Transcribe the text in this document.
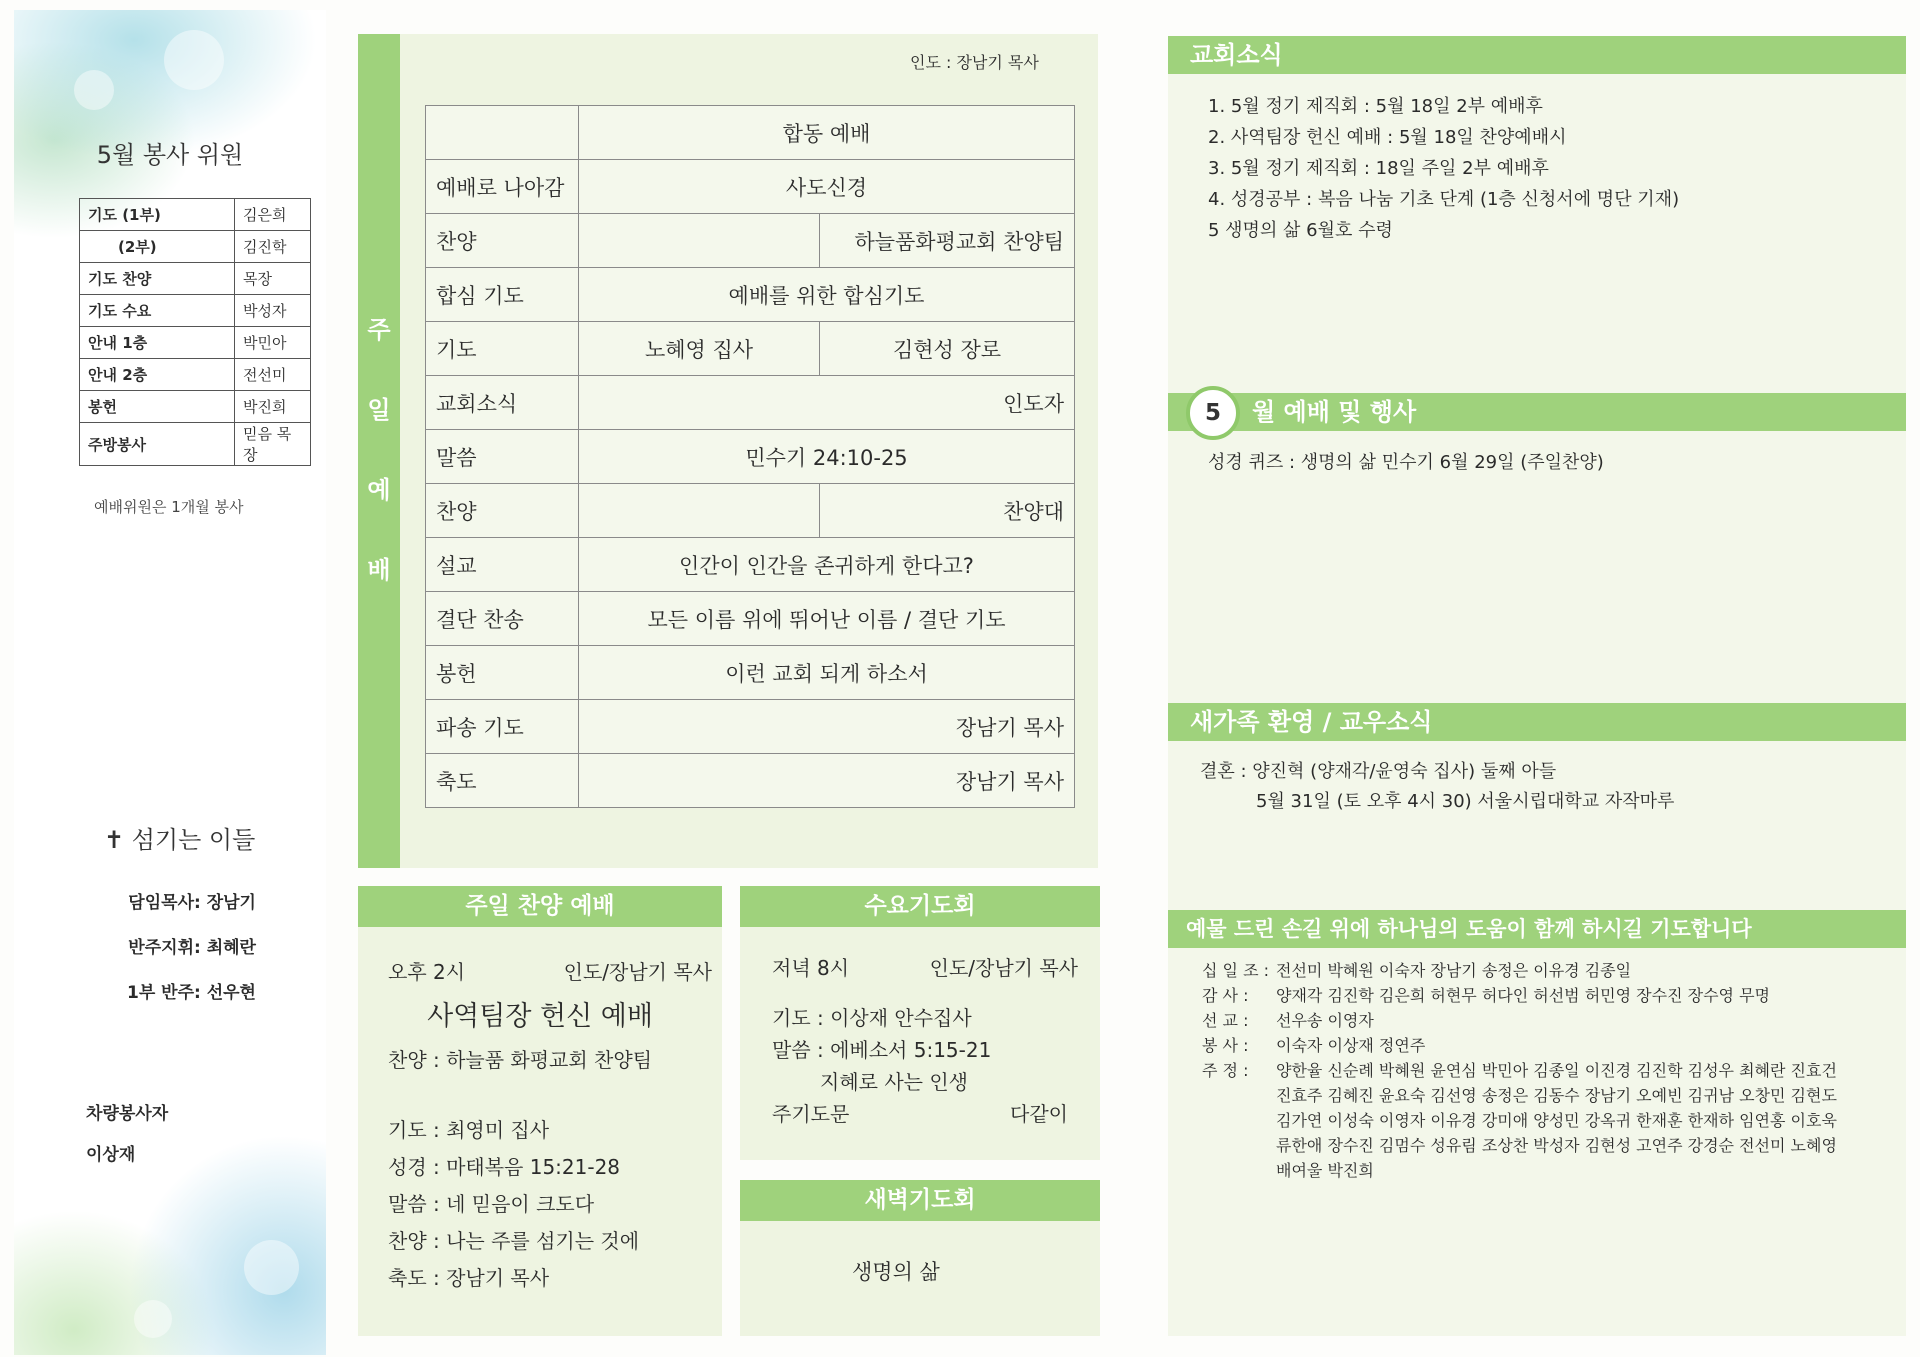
5월 봉사 위원
기도 (1부)	김은희
(2부)	김진학
기도 찬양	목장
기도 수요	박성자
안내 1층	박민아
안내 2층	전선미
봉헌	박진희
주방봉사	믿음 목장
예배위원은 1개월 봉사
✝ 섬기는 이들
담임목사: 장남기
반주지휘: 최혜란
1부 반주: 선우현
차량봉사자
이상재
주
일
예
배
인도 : 장남기 목사
	합동 예배	
예배로 나아감	사도신경	
찬양		하늘품화평교회 찬양팀
합심 기도	예배를 위한 합심기도	
기도	노혜영 집사	김현성 장로
교회소식	인도자	
말씀	민수기 24:10-25	
찬양		찬양대
설교	인간이 인간을 존귀하게 한다고?	
결단 찬송	모든 이름 위에 뛰어난 이름 / 결단 기도	
봉헌	이런 교회 되게 하소서	
파송 기도	장남기 목사	
축도	장남기 목사	
주일 찬양 예배
오후 2시	인도/장남기 목사
사역팀장 헌신 예배
찬양 : 하늘품 화평교회 찬양팀
기도 : 최영미 집사
성경 : 마태복음 15:21-28
말씀 : 네 믿음이 크도다
찬양 : 나는 주를 섬기는 것에
축도 : 장남기 목사
수요기도회
저녁 8시	인도/장남기 목사
기도 : 이상재 안수집사
말씀 : 에베소서 5:15-21
지혜로 사는 인생
주기도문	다같이
새벽기도회
생명의 삶
교회소식
1. 5월 정기 제직회 : 5월 18일 2부 예배후
2. 사역팀장 헌신 예배 : 5월 18일 찬양예배시
3. 5월 정기 제직회 : 18일 주일 2부 예배후
4. 성경공부 : 복음 나눔 기초 단계 (1층 신청서에 명단 기재)
5 생명의 삶 6월호 수령
월 예배 및 행사
5
성경 퀴즈 : 생명의 삶 민수기 6월 29일 (주일찬양)
새가족 환영 / 교우소식
결혼 : 양진혁 (양재각/윤영숙 집사) 둘째 아들
5월 31일 (토 오후 4시 30) 서울시립대학교 자작마루
예물 드린 손길 위에 하나님의 도움이 함께 하시길 기도합니다
십 일 조 : 전선미 박혜원 이숙자 장남기 송정은 이유경 김종일
감 사 : 양재각 김진학 김은희 허현무 허다인 허선범 허민영 장수진 장수영 무명
선 교 : 선우송 이영자
봉 사 : 이숙자 이상재 정연주
주 정 : 양한율 신순례 박혜원 윤연심 박민아 김종일 이진경 김진학 김성우 최혜란 진효건
진효주 김혜진 윤요숙 김선영 송정은 김동수 장남기 오예빈 김귀남 오창민 김현도
김가연 이성숙 이영자 이유경 강미애 양성민 강옥귀 한재훈 한재하 임연홍 이호욱
류한애 장수진 김멈수 성유림 조상찬 박성자 김현성 고연주 강경순 전선미 노혜영
배여울 박진희
